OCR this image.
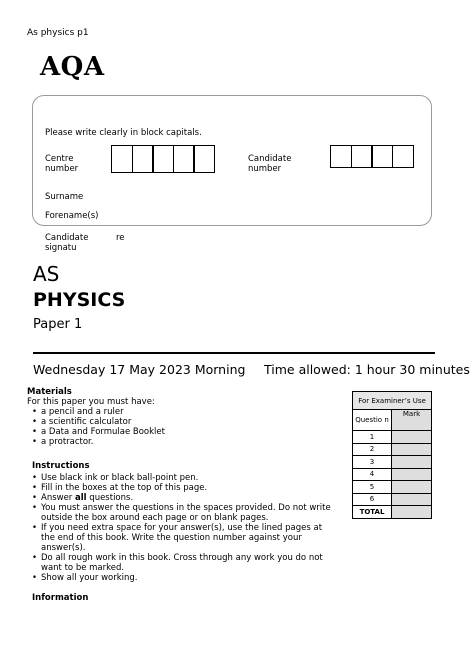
As physics p1
AQA
Please write clearly in block capitals.
Centre
number
Candidate
number
Surname
Forename(s)
Candidate	re
signatu
AS
PHYSICS
Paper 1
Wednesday 17 May 2023 Morning Time allowed: 1 hour 30 minutes
Materials
For this paper you must have:
• a pencil and a ruler
• a scientific calculator
• a Data and Formulae Booklet
• a protractor.
Instructions
• Use black ink or black ball-point pen.
• Fill in the boxes at the top of this page.
• Answer all questions.
• You must answer the questions in the spaces provided. Do not write outside the box around each page or on blank pages.
• If you need extra space for your answer(s), use the lined pages at the end of this book. Write the question number against your answer(s).
• Do all rough work in this book. Cross through any work you do not want to be marked.
• Show all your working.
Information
For Examiner’s Use	
Questio n	Mark
1	
2	
3	
4	
5	
6	
TOTAL	
